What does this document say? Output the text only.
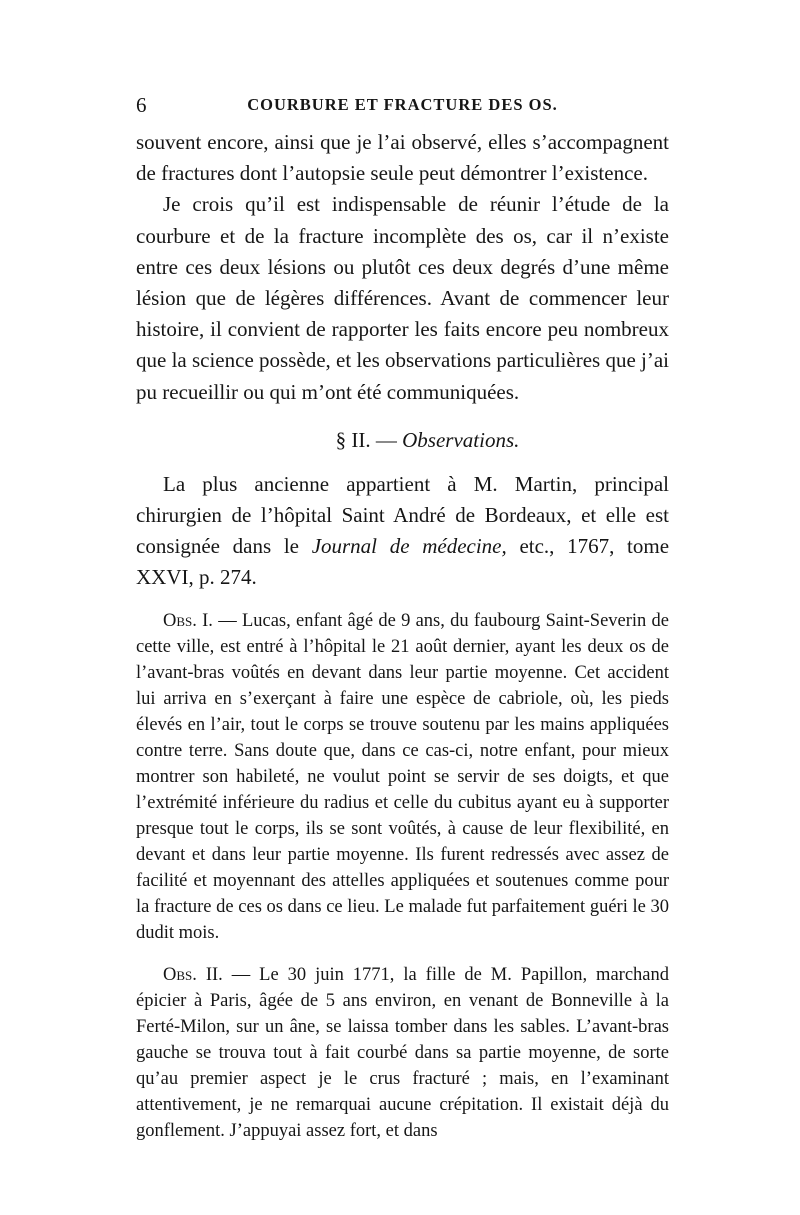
6	COURBURE ET FRACTURE DES OS.

souvent encore, ainsi que je l’ai observé, elles s’accompagnent de fractures dont l’autopsie seule peut démontrer l’existence.

Je crois qu’il est indispensable de réunir l’étude de la courbure et de la fracture incomplète des os, car il n’existe entre ces deux lésions ou plutôt ces deux degrés d’une même lésion que de légères différences. Avant de commencer leur histoire, il convient de rapporter les faits encore peu nombreux que la science possède, et les observations particulières que j’ai pu recueillir ou qui m’ont été communiquées.

§ II. — Observations.

La plus ancienne appartient à M. Martin, principal chirurgien de l’hôpital Saint André de Bordeaux, et elle est consignée dans le Journal de médecine, etc., 1767, tome XXVI, p. 274.

Obs. I. — Lucas, enfant âgé de 9 ans, du faubourg Saint-Severin de cette ville, est entré à l’hôpital le 21 août dernier, ayant les deux os de l’avant-bras voûtés en devant dans leur partie moyenne. Cet accident lui arriva en s’exerçant à faire une espèce de cabriole, où, les pieds élevés en l’air, tout le corps se trouve soutenu par les mains appliquées contre terre. Sans doute que, dans ce cas-ci, notre enfant, pour mieux montrer son habileté, ne voulut point se servir de ses doigts, et que l’extrémité inférieure du radius et celle du cubitus ayant eu à supporter presque tout le corps, ils se sont voûtés, à cause de leur flexibilité, en devant et dans leur partie moyenne. Ils furent redressés avec assez de facilité et moyennant des attelles appliquées et soutenues comme pour la fracture de ces os dans ce lieu. Le malade fut parfaitement guéri le 30 dudit mois.

Obs. II. — Le 30 juin 1771, la fille de M. Papillon, marchand épicier à Paris, âgée de 5 ans environ, en venant de Bonneville à la Ferté-Milon, sur un âne, se laissa tomber dans les sables. L’avant-bras gauche se trouva tout à fait courbé dans sa partie moyenne, de sorte qu’au premier aspect je le crus fracturé ; mais, en l’examinant attentivement, je ne remarquai aucune crépitation. Il existait déjà du gonflement. J’appuyai assez fort, et dans
